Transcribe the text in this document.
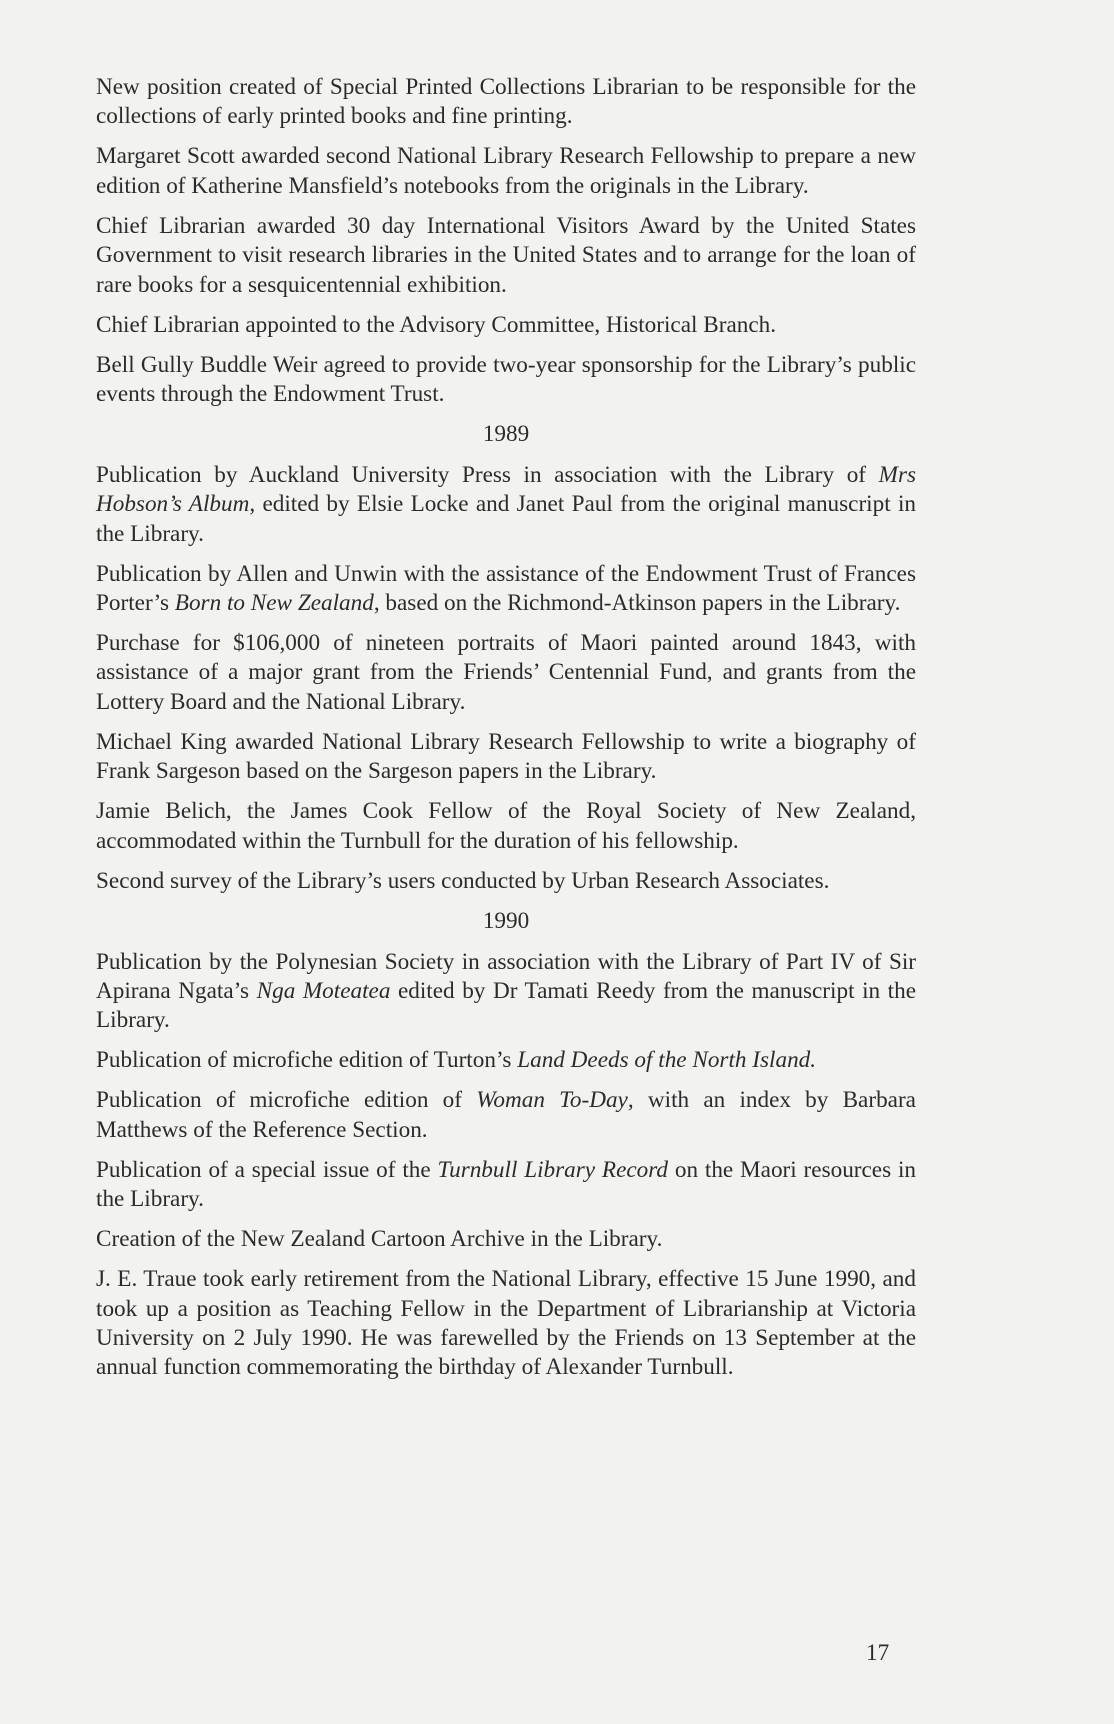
New position created of Special Printed Collections Librarian to be responsible for the collections of early printed books and fine printing.

Margaret Scott awarded second National Library Research Fellowship to prepare a new edition of Katherine Mansfield’s notebooks from the originals in the Library.

Chief Librarian awarded 30 day International Visitors Award by the United States Government to visit research libraries in the United States and to arrange for the loan of rare books for a sesquicentennial exhibition.

Chief Librarian appointed to the Advisory Committee, Historical Branch.

Bell Gully Buddle Weir agreed to provide two-year sponsorship for the Library’s public events through the Endowment Trust.

1989

Publication by Auckland University Press in association with the Library of Mrs Hobson’s Album, edited by Elsie Locke and Janet Paul from the original manuscript in the Library.

Publication by Allen and Unwin with the assistance of the Endowment Trust of Frances Porter’s Born to New Zealand, based on the Richmond-Atkinson papers in the Library.

Purchase for $106,000 of nineteen portraits of Maori painted around 1843, with assistance of a major grant from the Friends’ Centennial Fund, and grants from the Lottery Board and the National Library.

Michael King awarded National Library Research Fellowship to write a biography of Frank Sargeson based on the Sargeson papers in the Library.

Jamie Belich, the James Cook Fellow of the Royal Society of New Zealand, accommodated within the Turnbull for the duration of his fellowship.

Second survey of the Library’s users conducted by Urban Research Associates.

1990

Publication by the Polynesian Society in association with the Library of Part IV of Sir Apirana Ngata’s Nga Moteatea edited by Dr Tamati Reedy from the manuscript in the Library.

Publication of microfiche edition of Turton’s Land Deeds of the North Island.

Publication of microfiche edition of Woman To-Day, with an index by Barbara Matthews of the Reference Section.

Publication of a special issue of the Turnbull Library Record on the Maori resources in the Library.

Creation of the New Zealand Cartoon Archive in the Library.

J. E. Traue took early retirement from the National Library, effective 15 June 1990, and took up a position as Teaching Fellow in the Department of Librarianship at Victoria University on 2 July 1990. He was farewelled by the Friends on 13 September at the annual function commemorating the birthday of Alexander Turnbull.

17
